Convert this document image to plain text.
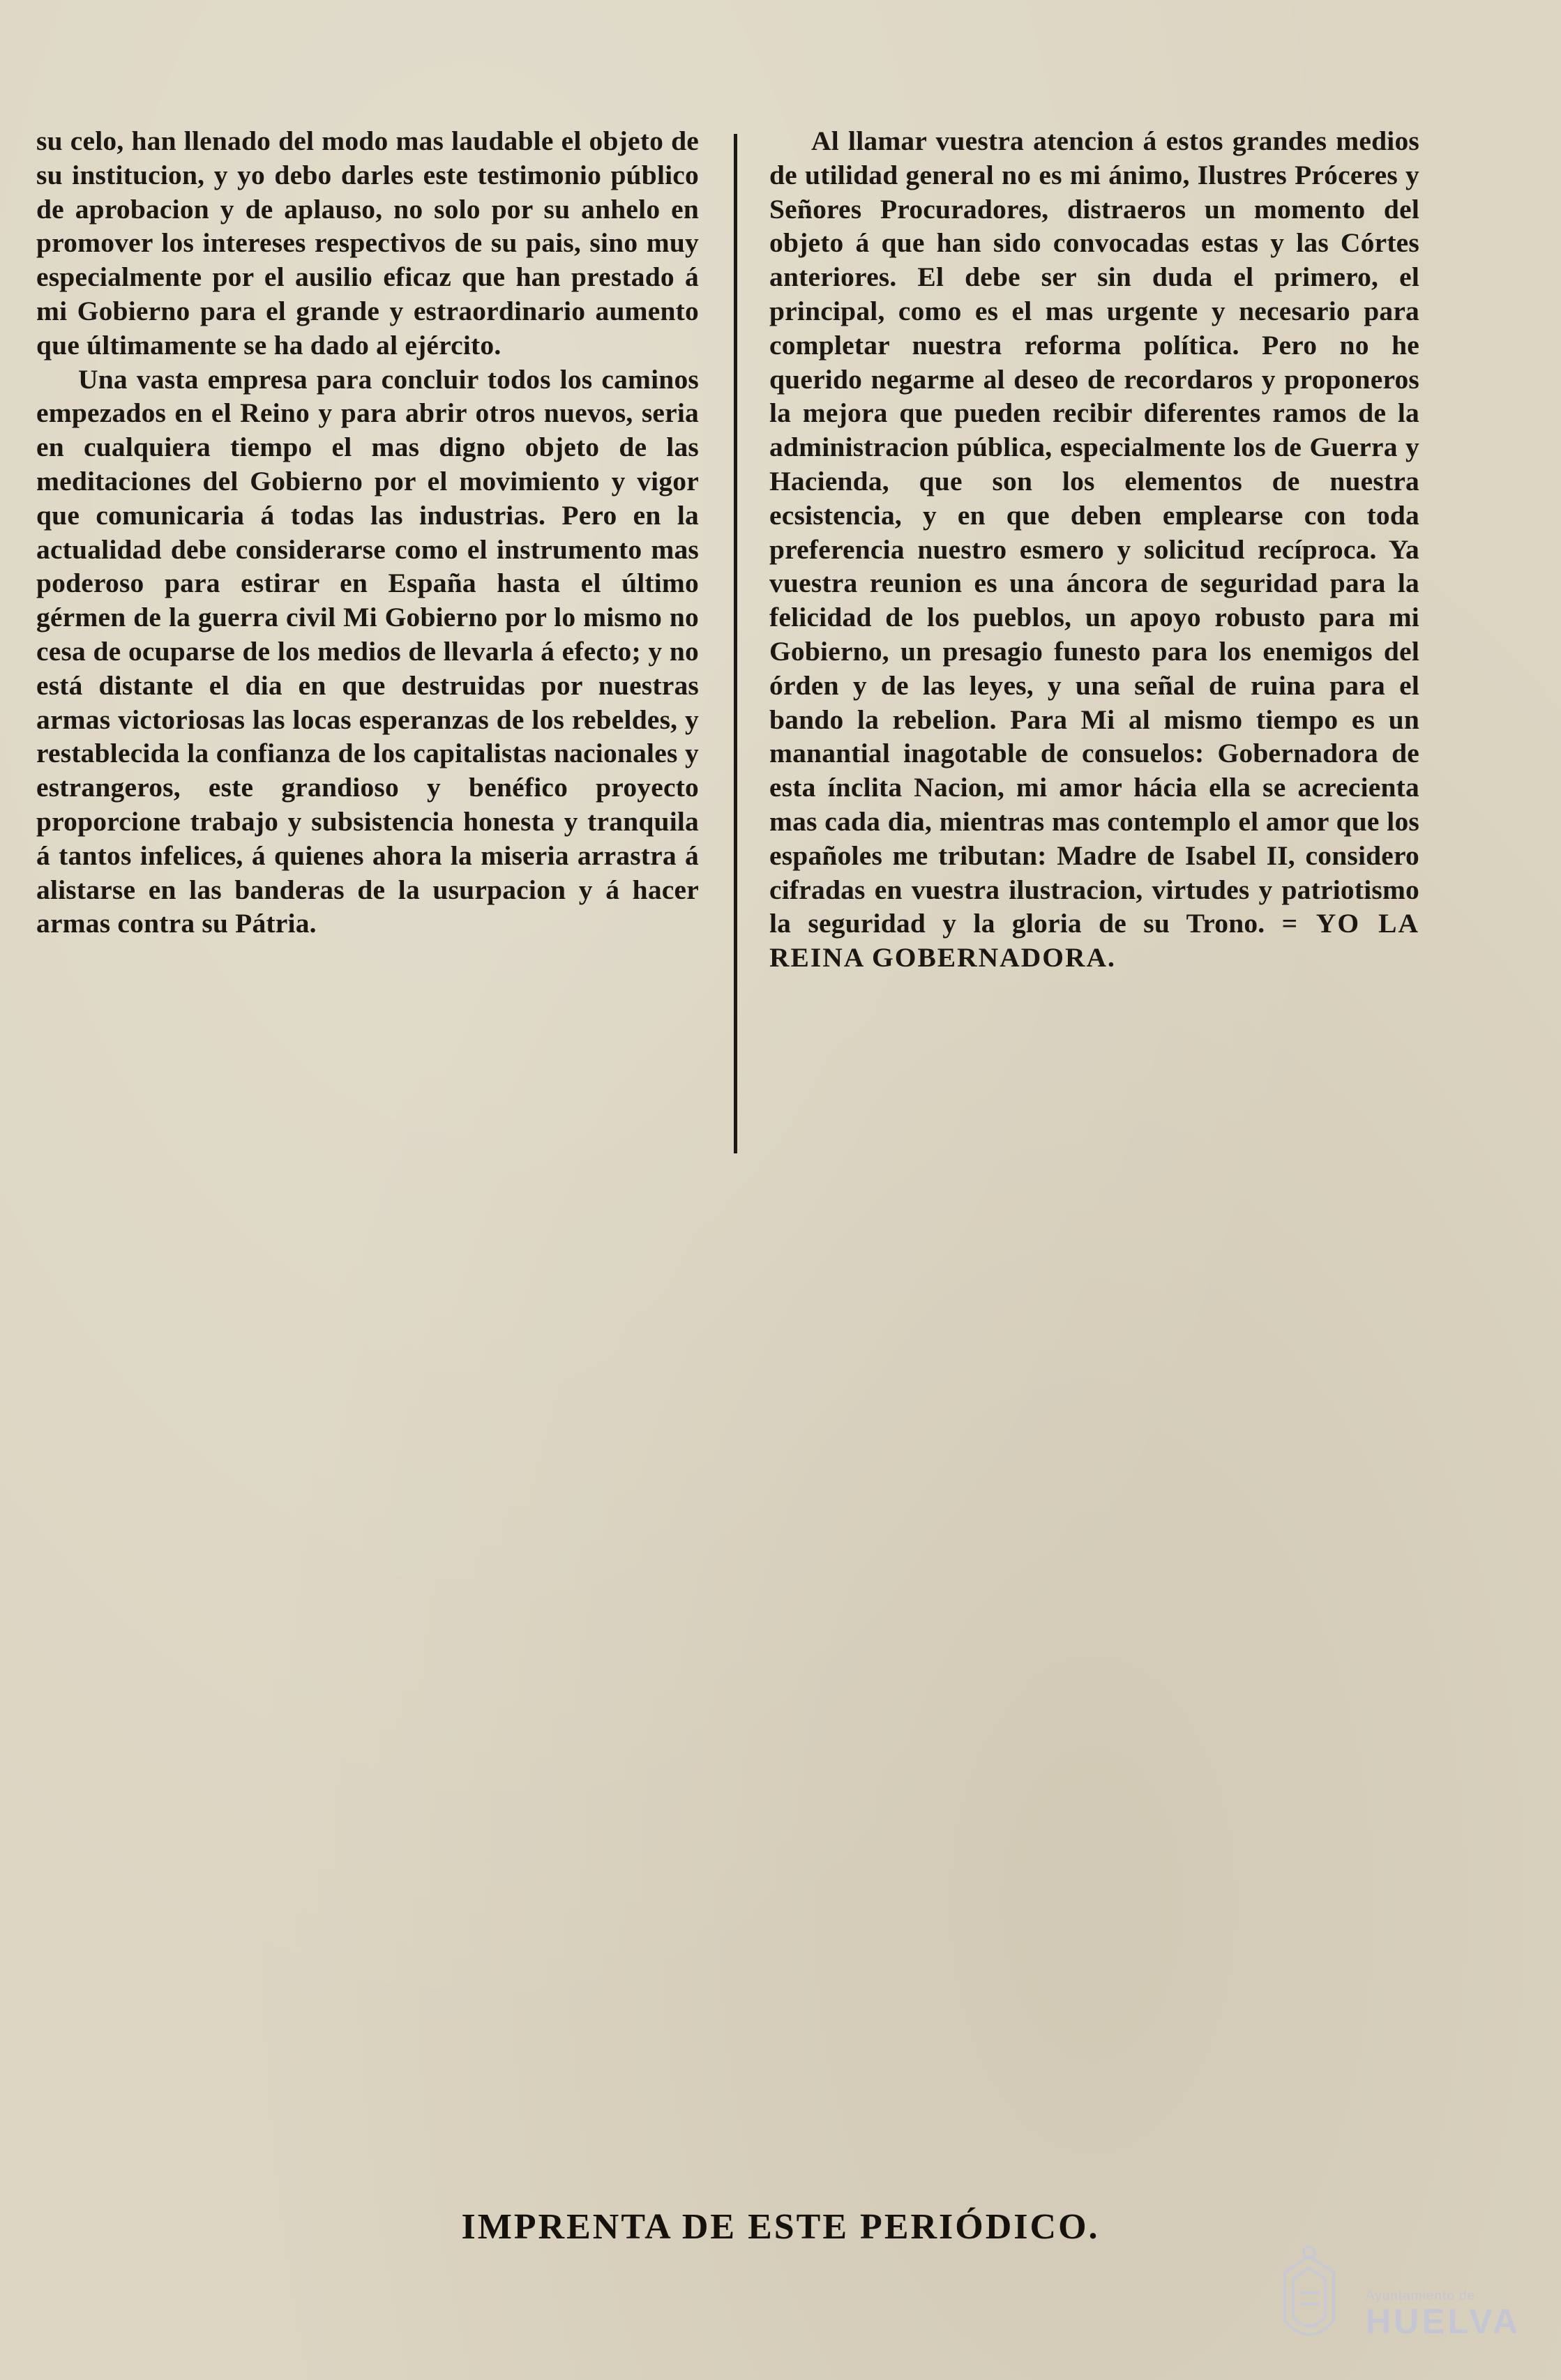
su celo, han llenado del modo mas laudable el objeto de su institucion, y yo debo darles este testimonio público de aprobacion y de aplauso, no solo por su anhelo en promover los intereses respectivos de su pais, sino muy especialmente por el ausilio eficaz que han prestado á mi Gobierno para el grande y estraordinario aumento que últimamente se ha dado al ejército.

Una vasta empresa para concluir todos los caminos empezados en el Reino y para abrir otros nuevos, seria en cualquiera tiempo el mas digno objeto de las meditaciones del Gobierno por el movimiento y vigor que comunicaria á todas las industrias. Pero en la actualidad debe considerarse como el instrumento mas poderoso para estirar en España hasta el último gérmen de la guerra civil Mi Gobierno por lo mismo no cesa de ocuparse de los medios de llevarla á efecto; y no está distante el dia en que destruidas por nuestras armas victoriosas las locas esperanzas de los rebeldes, y restablecida la confianza de los capitalistas nacionales y estrangeros, este grandioso y benéfico proyecto proporcione trabajo y subsistencia honesta y tranquila á tantos infelices, á quienes ahora la miseria arrastra á alistarse en las banderas de la usurpacion y á hacer armas contra su Pátria.

Al llamar vuestra atencion á estos grandes medios de utilidad general no es mi ánimo, Ilustres Próceres y Señores Procuradores, distraeros un momento del objeto á que han sido convocadas estas y las Córtes anteriores. El debe ser sin duda el primero, el principal, como es el mas urgente y necesario para completar nuestra reforma política. Pero no he querido negarme al deseo de recordaros y proponeros la mejora que pueden recibir diferentes ramos de la administracion pública, especialmente los de Guerra y Hacienda, que son los elementos de nuestra ecsistencia, y en que deben emplearse con toda preferencia nuestro esmero y solicitud recíproca. Ya vuestra reunion es una áncora de seguridad para la felicidad de los pueblos, un apoyo robusto para mi Gobierno, un presagio funesto para los enemigos del órden y de las leyes, y una señal de ruina para el bando la rebelion. Para Mi al mismo tiempo es un manantial inagotable de consuelos: Gobernadora de esta ínclita Nacion, mi amor hácia ella se acrecienta mas cada dia, mientras mas contemplo el amor que los españoles me tributan: Madre de Isabel II, considero cifradas en vuestra ilustracion, virtudes y patriotismo la seguridad y la gloria de su Trono. = YO LA REINA GOBERNADORA.

IMPRENTA DE ESTE PERIÓDICO.
Ayuntamiento de
HUELVA
